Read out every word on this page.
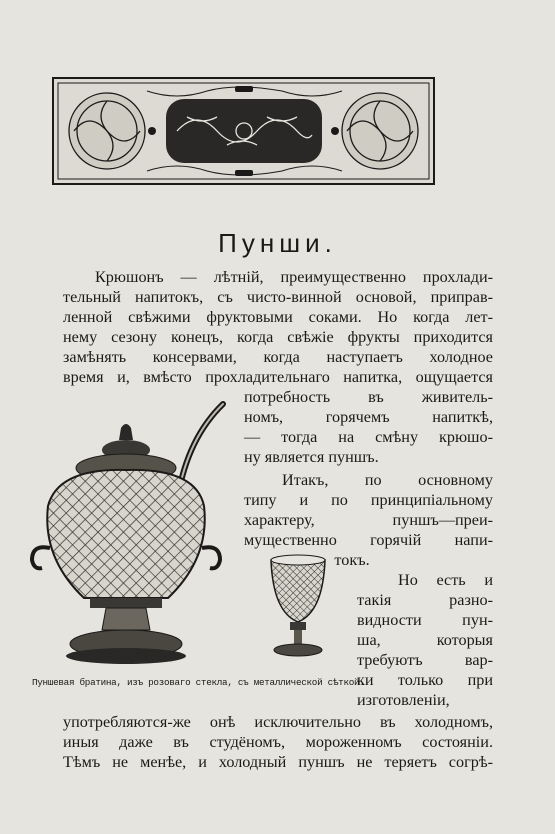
Пунши.
Крюшонъ — лѣтній, преимущественно прохлади-
тельный напитокъ, съ чисто-винной основой, приправ-
ленной свѣжими фруктовыми соками. Но когда лет-
нему сезону конецъ, когда свѣжіе фрукты приходится
замѣнять консервами, когда наступаетъ холодное
время и, вмѣсто прохладительнаго напитка, ощущается
потребность въ живитель-
номъ, горячемъ напиткѣ,
— тогда на смѣну крюшо-
ну является пуншъ.
Итакъ, по основному
типу и по принципіальному
характеру, пуншъ—преи-
мущественно горячій напи-
токъ.
Но есть и
такія разно-
видности пун-
ша, которыя
требуютъ вар-
ки только при
изготовленіи,
употребляются-же онѣ исключительно въ холодномъ,
иныя даже въ студёномъ, мороженномъ состояніи.
Тѣмъ не менѣе, и холодный пуншъ не теряетъ согрѣ-
Пуншевая братина, изъ розоваго стекла, съ металлической сѣткой.
